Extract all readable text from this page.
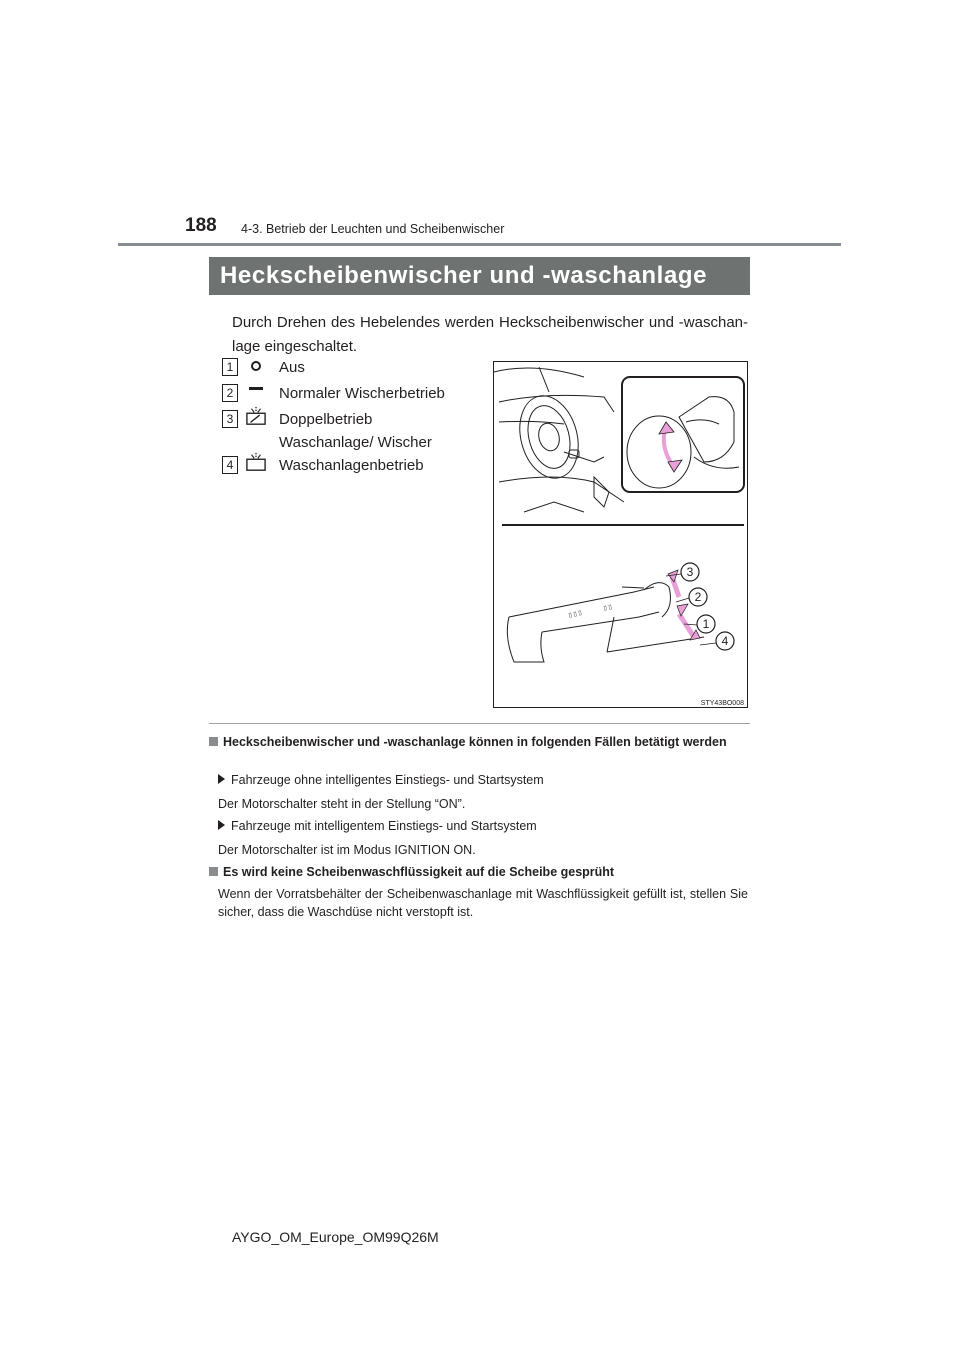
188 4-3. Betrieb der Leuchten und Scheibenwischer
Heckscheibenwischer und -waschanlage
Durch Drehen des Hebelendes werden Heckscheibenwischer und -waschan-lage eingeschaltet.
1	Aus
2	Normaler Wischerbetrieb
3	Doppelbetrieb Waschanlage/ Wischer
4	Waschanlagenbetrieb
▯ ▯ ▯
▯ ▯
3
2
1
4
STY43BO008
Heckscheibenwischer und -waschanlage können in folgenden Fällen betätigt werden
Fahrzeuge ohne intelligentes Einstiegs- und Startsystem
Der Motorschalter steht in der Stellung “ON”.
Fahrzeuge mit intelligentem Einstiegs- und Startsystem
Der Motorschalter ist im Modus IGNITION ON.
Es wird keine Scheibenwaschflüssigkeit auf die Scheibe gesprüht
Wenn der Vorratsbehälter der Scheibenwaschanlage mit Waschflüssigkeit gefüllt ist, stellen Sie sicher, dass die Waschdüse nicht verstopft ist.
AYGO_OM_Europe_OM99Q26M
